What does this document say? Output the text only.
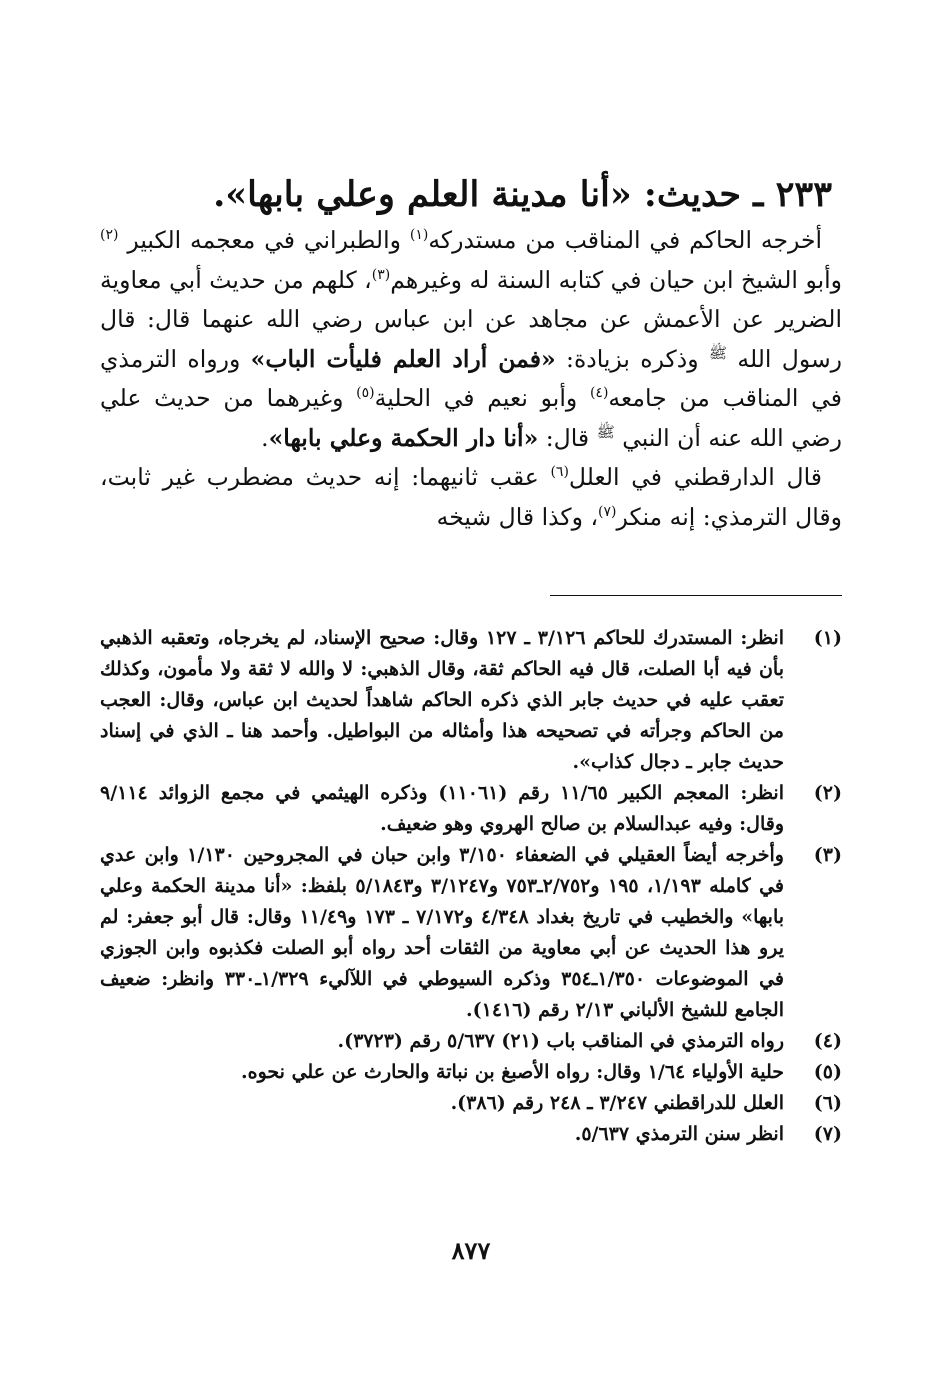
٢٣٣ ـ حديث: «أنا مدينة العلم وعلي بابها».

أخرجه الحاكم في المناقب من مستدركه$^{(١)}$ والطبراني في معجمه الكبير $^{(٢)}$ وأبو الشيخ ابن حيان في كتابه السنة له وغيرهم$^{(٣)}$، كلهم من حديث أبي معاوية الضرير عن الأعمش عن مجاهد عن ابن عباس رضي الله عنهما قال: قال رسول الله $^ﷺ$ وذكره بزيادة: «فمن أراد العلم فليأت الباب» ورواه الترمذي في المناقب من جامعه$^{(٤)}$ وأبو نعيم في الحلية$^{(٥)}$ وغيرهما من حديث علي رضي الله عنه أن النبي $^ﷺ$ قال: «أنا دار الحكمة وعلي بابها».

قال الدارقطني في العلل$^{(٦)}$ عقب ثانيهما: إنه حديث مضطرب غير ثابت، وقال الترمذي: إنه منكر$^{(٧)}$، وكذا قال شيخه

(١)
انظر: المستدرك للحاكم ٣/١٢٦ ـ ١٢٧ وقال: صحيح الإسناد، لم يخرجاه، وتعقبه الذهبي بأن فيه أبا الصلت، قال فيه الحاكم ثقة، وقال الذهبي: لا والله لا ثقة ولا مأمون، وكذلك تعقب عليه في حديث جابر الذي ذكره الحاكم شاهداً لحديث ابن عباس، وقال: العجب من الحاكم وجرأته في تصحيحه هذا وأمثاله من البواطيل. وأحمد هنا ـ الذي في إسناد حديث جابر ـ دجال كذاب».
(٢)
انظر: المعجم الكبير ١١/٦٥ رقم (١١٠٦١) وذكره الهيثمي في مجمع الزوائد ٩/١١٤ وقال: وفيه عبدالسلام بن صالح الهروي وهو ضعيف.
(٣)
وأخرجه أيضاً العقيلي في الضعفاء ٣/١٥٠ وابن حبان في المجروحين ١/١٣٠ وابن عدي في كامله ١/١٩٣، ١٩٥ و٢/٧٥٢ـ٧٥٣ و٣/١٢٤٧ و٥/١٨٤٣ بلفظ: «أنا مدينة الحكمة وعلي بابها» والخطيب في تاريخ بغداد ٤/٣٤٨ و٧/١٧٢ ـ ١٧٣ و١١/٤٩ وقال: قال أبو جعفر: لم يرو هذا الحديث عن أبي معاوية من الثقات أحد رواه أبو الصلت فكذبوه وابن الجوزي في الموضوعات ١/٣٥٠ـ٣٥٤ وذكره السيوطي في اللآليء ١/٣٢٩ـ٣٣٠ وانظر: ضعيف الجامع للشيخ الألباني ٢/١٣ رقم (١٤١٦).
(٤)
رواه الترمذي في المناقب باب (٢١) ٥/٦٣٧ رقم (٣٧٢٣).
(٥)
حلية الأولياء ١/٦٤ وقال: رواه الأصبغ بن نباتة والحارث عن علي نحوه.
(٦)
العلل للدراقطني ٣/٢٤٧ ـ ٢٤٨ رقم (٣٨٦).
(٧)
انظر سنن الترمذي ٥/٦٣٧.
٨٧٧
